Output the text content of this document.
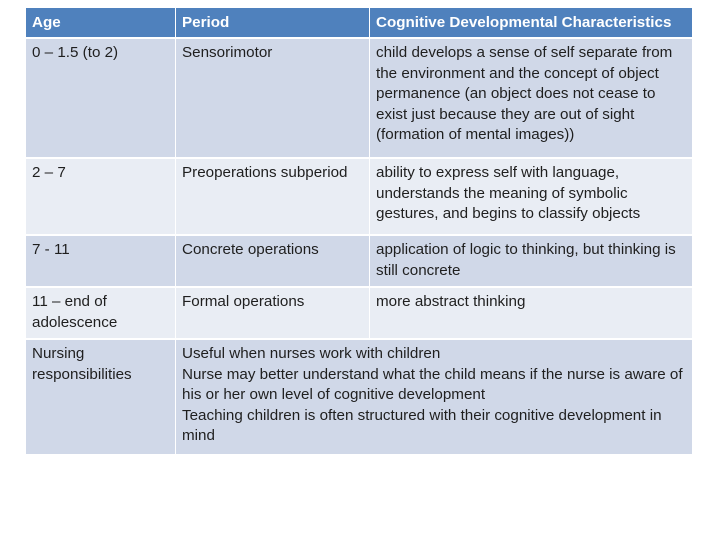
Age	Period	Cognitive Developmental Characteristics
0 – 1.5 (to 2)	Sensorimotor	child develops a sense of self separate from the environment and the concept of object permanence (an object does not cease to exist just because they are out of sight (formation of mental images))
2 – 7	Preoperations subperiod	ability to express self with language, understands the meaning of symbolic gestures, and begins to classify objects
7 - 11	Concrete operations	application of logic to thinking, but thinking is still concrete
11 – end of adolescence	Formal operations	more abstract thinking
Nursing responsibilities	Useful when nurses work with children
Nurse may better understand what the child means if the nurse is aware of his or her own level of cognitive development
Teaching children is often structured with their cognitive development in mind	
